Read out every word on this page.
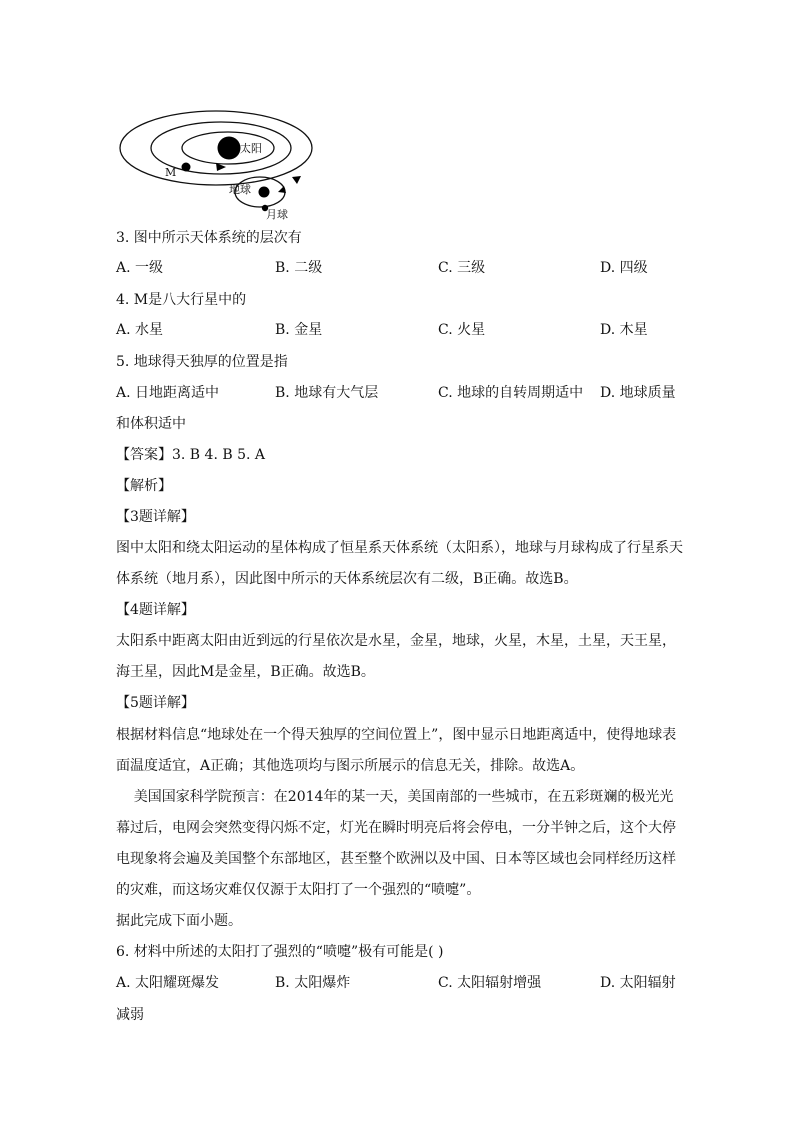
太阳
M
地球
月球
3. 图中所示天体系统的层次有
A. 一级	B. 二级	C. 三级	D. 四级
4. M是八大行星中的
A. 水星	B. 金星	C. 火星	D. 木星
5. 地球得天独厚的位置是指
A. 日地距离适中	B. 地球有大气层	C. 地球的自转周期适中 D. 地球质量
和体积适中
【答案】3. B 4. B 5. A
【解析】
【3题详解】
图中太阳和绕太阳运动的星体构成了恒星系天体系统（太阳系），地球与月球构成了行星系天
体系统（地月系），因此图中所示的天体系统层次有二级，B正确。故选B。
【4题详解】
太阳系中距离太阳由近到远的行星依次是水星，金星，地球，火星，木星，土星，天王星，
海王星，因此M是金星，B正确。故选B。
【5题详解】
根据材料信息“地球处在一个得天独厚的空间位置上”，图中显示日地距离适中，使得地球表
面温度适宜，A正确；其他选项均与图示所展示的信息无关，排除。故选A。
美国国家科学院预言：在2014年的某一天，美国南部的一些城市，在五彩斑斓的极光光
幕过后，电网会突然变得闪烁不定，灯光在瞬时明亮后将会停电，一分半钟之后，这个大停
电现象将会遍及美国整个东部地区，甚至整个欧洲以及中国、日本等区域也会同样经历这样
的灾难，而这场灾难仅仅源于太阳打了一个强烈的“喷嚏”。
据此完成下面小题。
6. 材料中所述的太阳打了强烈的“喷嚏”极有可能是( )
A. 太阳耀斑爆发	B. 太阳爆炸	C. 太阳辐射增强	D. 太阳辐射
减弱
